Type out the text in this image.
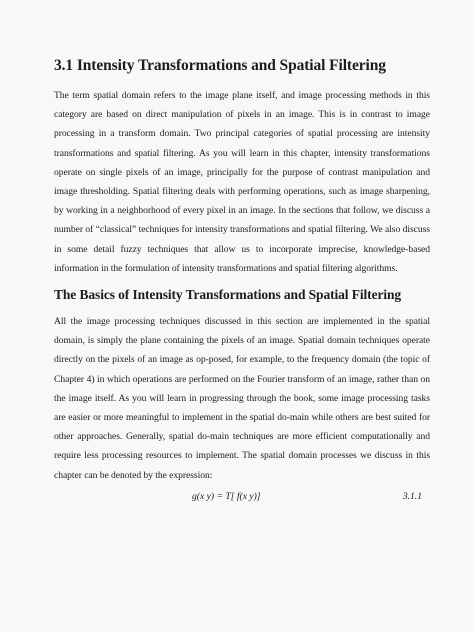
3.1 Intensity Transformations and Spatial Filtering

The term spatial domain refers to the image plane itself, and image processing methods in this category are based on direct manipulation of pixels in an image. This is in contrast to image processing in a transform domain. Two principal categories of spatial processing are intensity transformations and spatial filtering. As you will learn in this chapter, intensity transformations operate on single pixels of an image, principally for the purpose of contrast manipulation and image thresholding. Spatial filtering deals with performing operations, such as image sharpening, by working in a neighborhood of every pixel in an image. In the sections that follow, we discuss a number of “classical” techniques for intensity transformations and spatial filtering. We also discuss in some detail fuzzy techniques that allow us to incorporate imprecise, knowledge-based information in the formulation of intensity transformations and spatial filtering algorithms.

The Basics of Intensity Transformations and Spatial Filtering

All the image processing techniques discussed in this section are implemented in the spatial domain, is simply the plane containing the pixels of an image. Spatial domain techniques operate directly on the pixels of an image as op-posed, for example, to the frequency domain (the topic of Chapter 4) in which operations are performed on the Fourier transform of an image, rather than on the image itself. As you will learn in progressing through the book, some image processing tasks are easier or more meaningful to implement in the spatial do-main while others are best suited for other approaches. Generally, spatial do-main techniques are more efficient computationally and require less processing resources to implement. The spatial domain processes we discuss in this chapter can be denoted by the expression:

g(x y) = T[ f(x y)]	3.1.1
